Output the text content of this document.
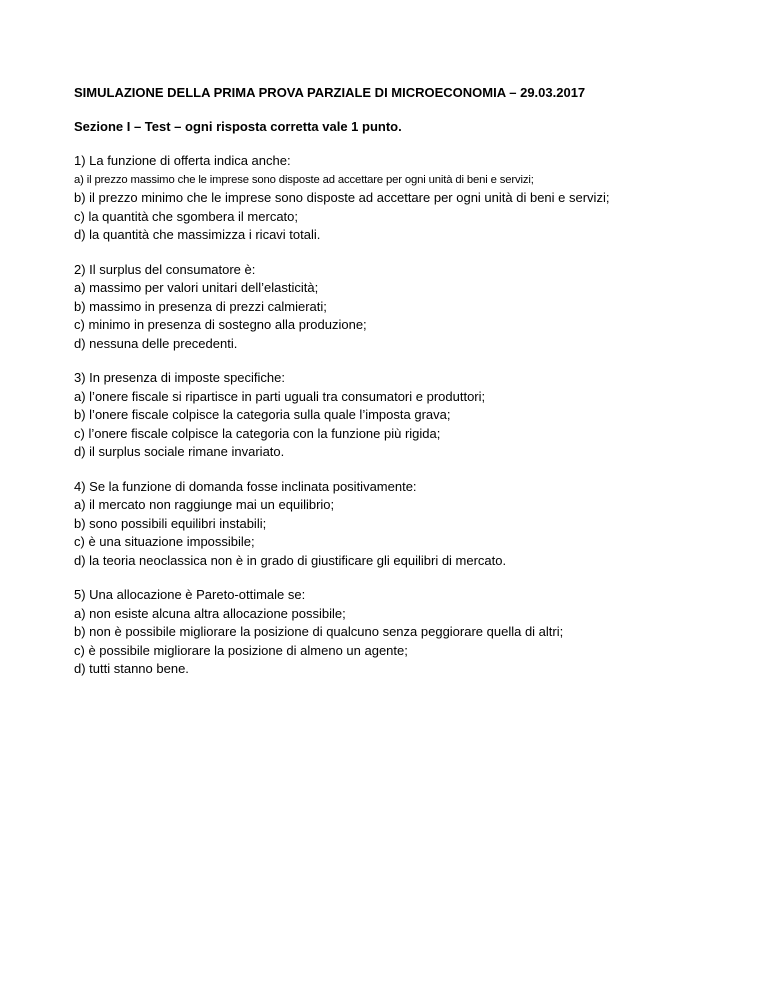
SIMULAZIONE DELLA PRIMA PROVA PARZIALE DI MICROECONOMIA – 29.03.2017
Sezione I – Test – ogni risposta corretta vale 1 punto.
1) La funzione di offerta indica anche:
a) il prezzo massimo che le imprese sono disposte ad accettare per ogni unità di beni e servizi;
b) il prezzo minimo che le imprese sono disposte ad accettare per ogni unità di beni e servizi;
c) la quantità che sgombera il mercato;
d) la quantità che massimizza i ricavi totali.
2) Il surplus del consumatore è:
a) massimo per valori unitari dell’elasticità;
b) massimo in presenza di prezzi calmierati;
c) minimo in presenza di sostegno alla produzione;
d) nessuna delle precedenti.
3) In presenza di imposte specifiche:
a) l’onere fiscale si ripartisce in parti uguali tra consumatori e produttori;
b) l’onere fiscale colpisce la categoria sulla quale l’imposta grava;
c) l’onere fiscale colpisce la categoria con la funzione più rigida;
d) il surplus sociale rimane invariato.
4) Se la funzione di domanda fosse inclinata positivamente:
a) il mercato non raggiunge mai un equilibrio;
b) sono possibili equilibri instabili;
c) è una situazione impossibile;
d) la teoria neoclassica non è in grado di giustificare gli equilibri di mercato.
5) Una allocazione è Pareto-ottimale se:
a) non esiste alcuna altra allocazione possibile;
b) non è possibile migliorare la posizione di qualcuno senza peggiorare quella di altri;
c) è possibile migliorare la posizione di almeno un agente;
d) tutti stanno bene.
